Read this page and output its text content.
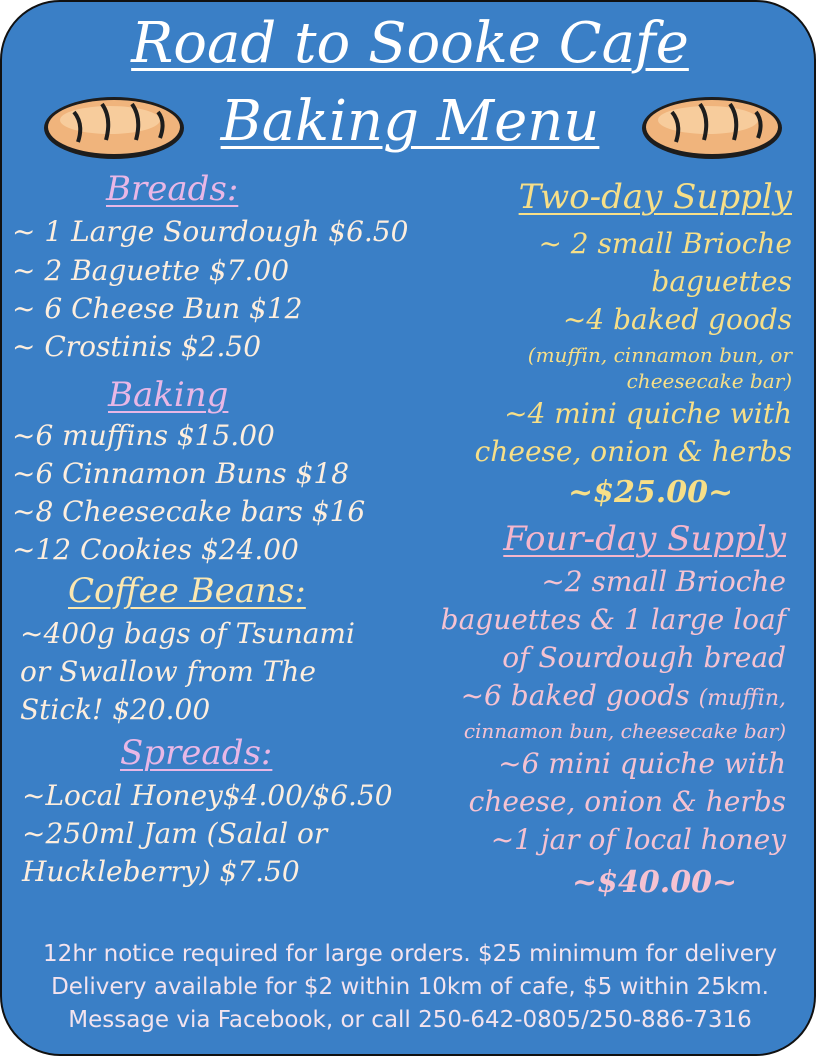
Road to Sooke Cafe
Baking Menu
Breads:
~ 1 Large Sourdough $6.50
~ 2 Baguette $7.00
~ 6 Cheese Bun $12
~ Crostinis $2.50
Baking
~6 muffins $15.00
~6 Cinnamon Buns $18
~8 Cheesecake bars $16
~12 Cookies $24.00
Coffee Beans:
~400g bags of Tsunami
or Swallow from The
Stick! $20.00
Spreads:
~Local Honey$4.00/$6.50
~250ml Jam (Salal or
Huckleberry) $7.50
Two-day Supply
~ 2 small Brioche
baguettes
~4 baked goods
(muffin, cinnamon bun, or
cheesecake bar)
~4 mini quiche with
cheese, onion & herbs
~$25.00~
Four-day Supply
~2 small Brioche
baguettes & 1 large loaf
of Sourdough bread
~6 baked goods (muffin,
cinnamon bun, cheesecake bar)
~6 mini quiche with
cheese, onion & herbs
~1 jar of local honey
~$40.00~
12hr notice required for large orders. $25 minimum for delivery
Delivery available for $2 within 10km of cafe, $5 within 25km.
Message via Facebook, or call 250-642-0805/250-886-7316
